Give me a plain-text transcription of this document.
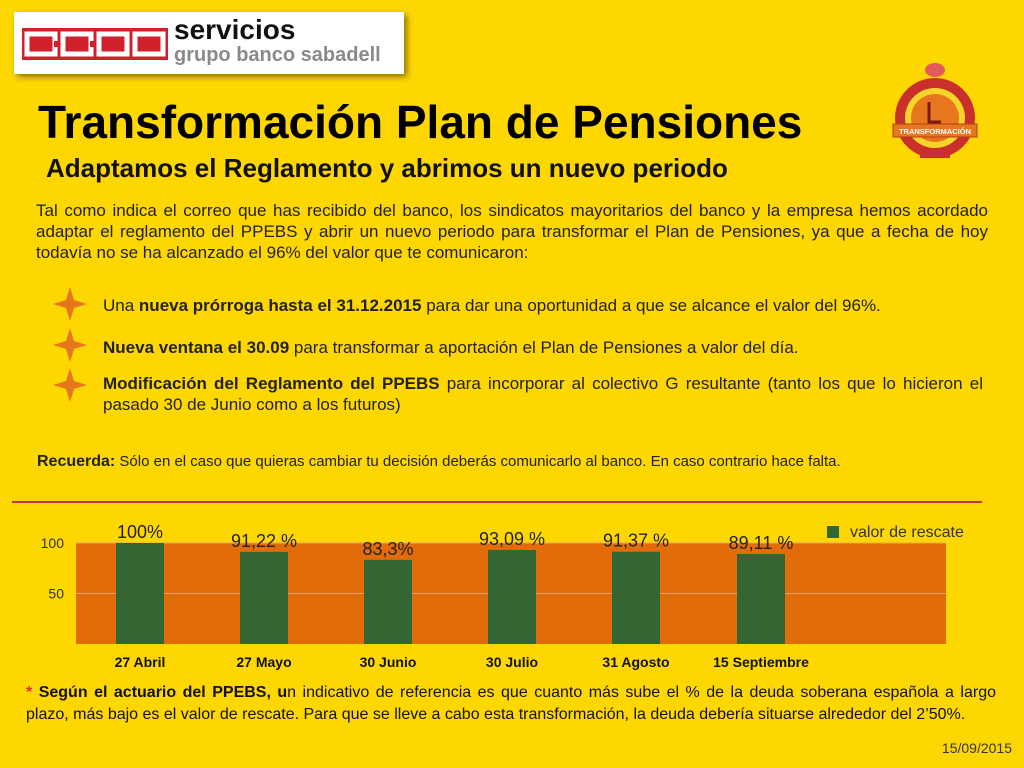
CCOO
servicios
grupo banco sabadell
TRANSFORMACIÓN
Transformación Plan de Pensiones
Adaptamos el Reglamento y abrimos un nuevo periodo
Tal como indica el correo que has recibido del banco, los sindicatos mayoritarios del banco y la empresa hemos acordado adaptar el reglamento del PPEBS y abrir un nuevo periodo para transformar el Plan de Pensiones, ya que a fecha de hoy todavía no se ha alcanzado el 96% del valor que te comunicaron:
Una nueva prórroga hasta el 31.12.2015 para dar una oportunidad a que se alcance el valor del 96%.
Nueva ventana el 30.09 para transformar a aportación el Plan de Pensiones a valor del día.
Modificación del Reglamento del PPEBS para incorporar al colectivo G resultante (tanto los que lo hicieron el pasado 30 de Junio como a los futuros)
Recuerda: Sólo en el caso que quieras cambiar tu decisión deberás comunicarlo al banco. En caso contrario hace falta.
50
100
100%	91,22 %	83,3%	93,09 %	91,37 %	89,11 %
27 Abril	27 Mayo	30 Junio	30 Julio	31 Agosto	15 Septiembre
valor de rescate
* Según el actuario del PPEBS, un indicativo de referencia es que cuanto más sube el % de la deuda soberana española a largo plazo, más bajo es el valor de rescate. Para que se lleve a cabo esta transformación, la deuda debería situarse alrededor del 2’50%.
15/09/2015
